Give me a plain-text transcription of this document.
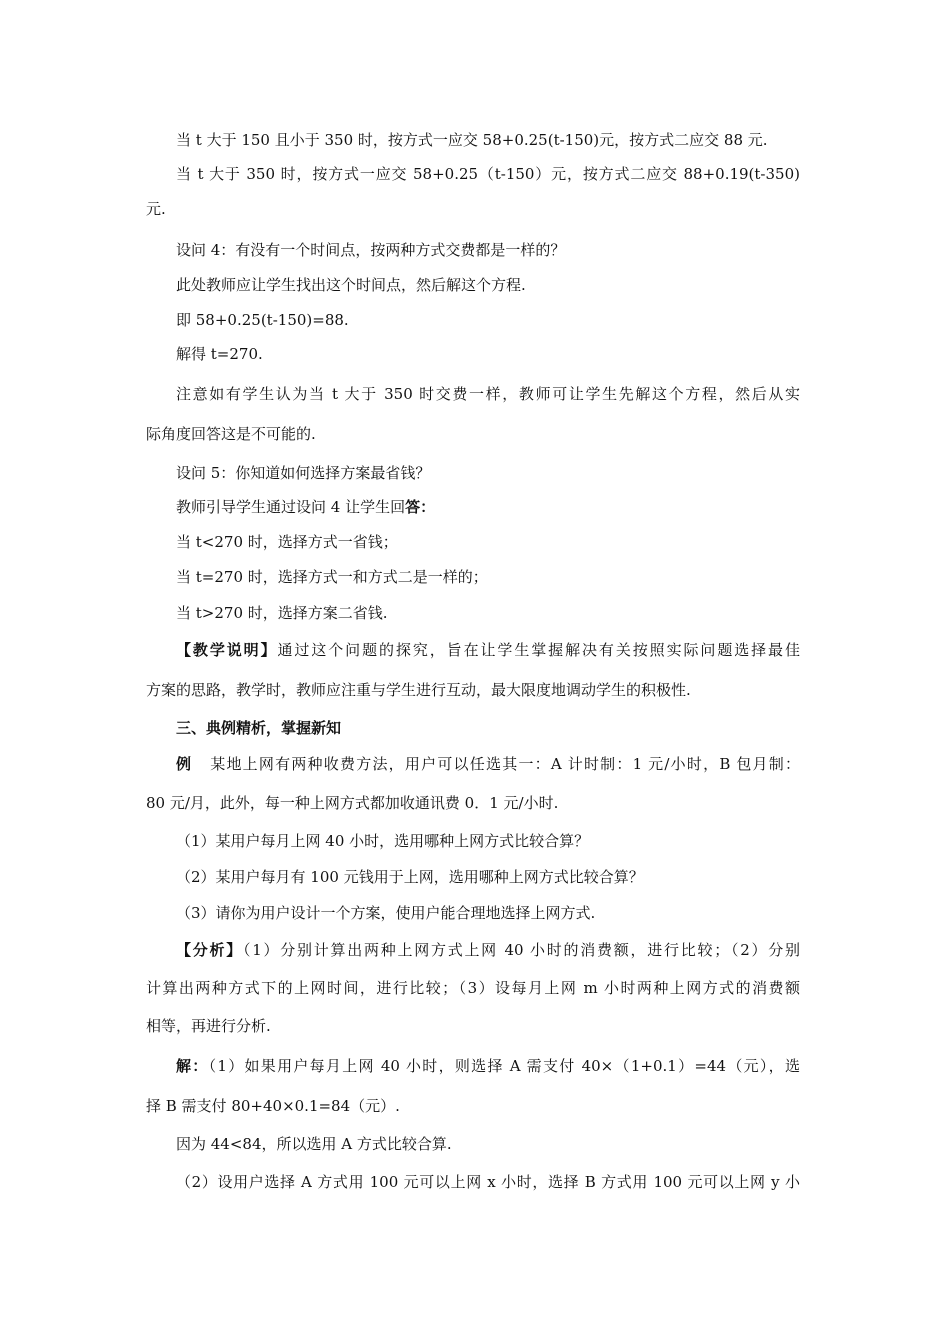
当 t 大于 150 且小于 350 时，按方式一应交 58+0.25(t-150)元，按方式二应交 88 元.
当 t 大于 350 时，按方式一应交 58+0.25（t-150）元，按方式二应交 88+0.19(t-350)
元.
设问 4：有没有一个时间点，按两种方式交费都是一样的？
此处教师应让学生找出这个时间点，然后解这个方程.
即 58+0.25(t-150)=88.
解得 t=270.
注意如有学生认为当 t 大于 350 时交费一样，教师可让学生先解这个方程，然后从实
际角度回答这是不可能的.
设问 5：你知道如何选择方案最省钱？
教师引导学生通过设问 4 让学生回答：
当 t<270 时，选择方式一省钱；
当 t=270 时，选择方式一和方式二是一样的；
当 t>270 时，选择方案二省钱.
【教学说明】通过这个问题的探究，旨在让学生掌握解决有关按照实际问题选择最佳
方案的思路，教学时，教师应注重与学生进行互动，最大限度地调动学生的积极性.
三、典例精析，掌握新知
例 某地上网有两种收费方法，用户可以任选其一：A 计时制：1 元/小时，B 包月制：
80 元/月，此外，每一种上网方式都加收通讯费 0．1 元/小时.
（1）某用户每月上网 40 小时，选用哪种上网方式比较合算？
（2）某用户每月有 100 元钱用于上网，选用哪种上网方式比较合算？
（3）请你为用户设计一个方案，使用户能合理地选择上网方式.
【分析】（1）分别计算出两种上网方式上网 40 小时的消费额，进行比较；（2）分别
计算出两种方式下的上网时间，进行比较；（3）设每月上网 m 小时两种上网方式的消费额
相等，再进行分析.
解：（1）如果用户每月上网 40 小时，则选择 A 需支付 40×（1+0.1）=44（元），选
择 B 需支付 80+40×0.1=84（元）.
因为 44<84，所以选用 A 方式比较合算.
（2）设用户选择 A 方式用 100 元可以上网 x 小时，选择 B 方式用 100 元可以上网 y 小
